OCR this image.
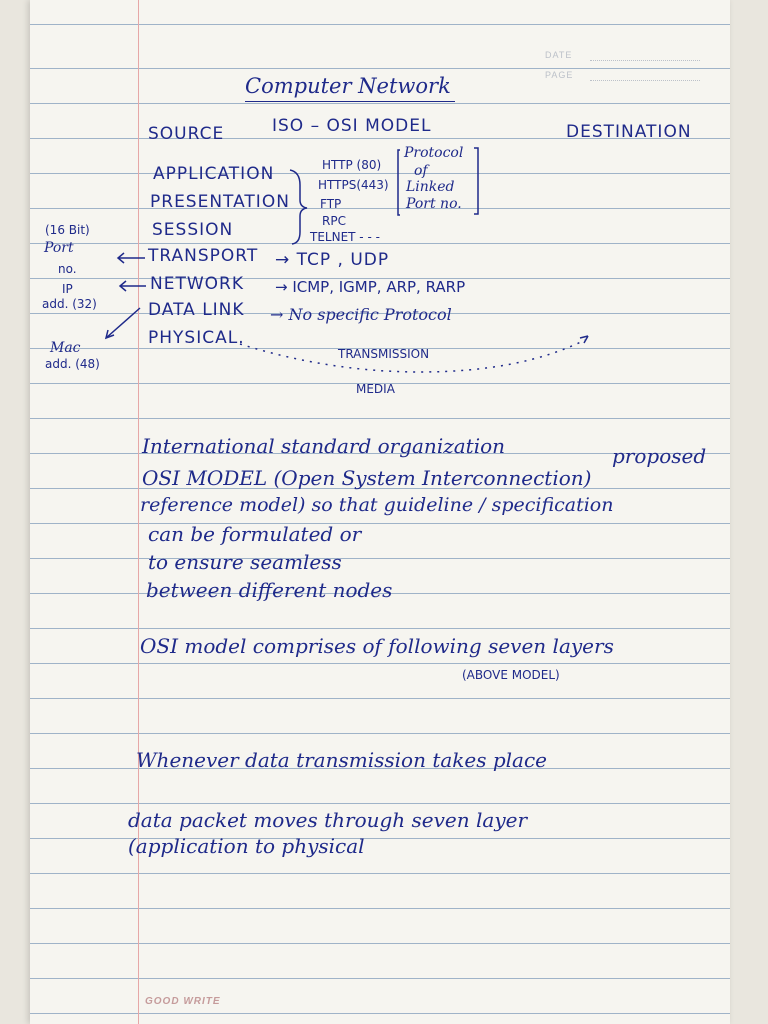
DATE
PAGE
Computer Network
SOURCE	ISO – OSI MODEL	DESTINATION
APPLICATION
PRESENTATION
SESSION
TRANSPORT
NETWORK
DATA LINK
PHYSICAL.
HTTP (80)
HTTPS(443)
FTP
RPC
TELNET - - -
Protocol
of
Linked
Port no.
→ TCP , UDP
→ ICMP, IGMP, ARP, RARP
→ No specific Protocol
TRANSMISSION
MEDIA
(16 Bit)
Port
no.
IP
add. (32)
Mac
add. (48)
International standard organization	proposed
OSI MODEL (Open System Interconnection)
reference model) so that guideline / specification
can be formulated or
to ensure seamless
between different nodes
OSI model comprises of following seven layers
(ABOVE MODEL)
Whenever data transmission takes place
data packet moves through seven layer
(application to physical
GOOD WRITE
